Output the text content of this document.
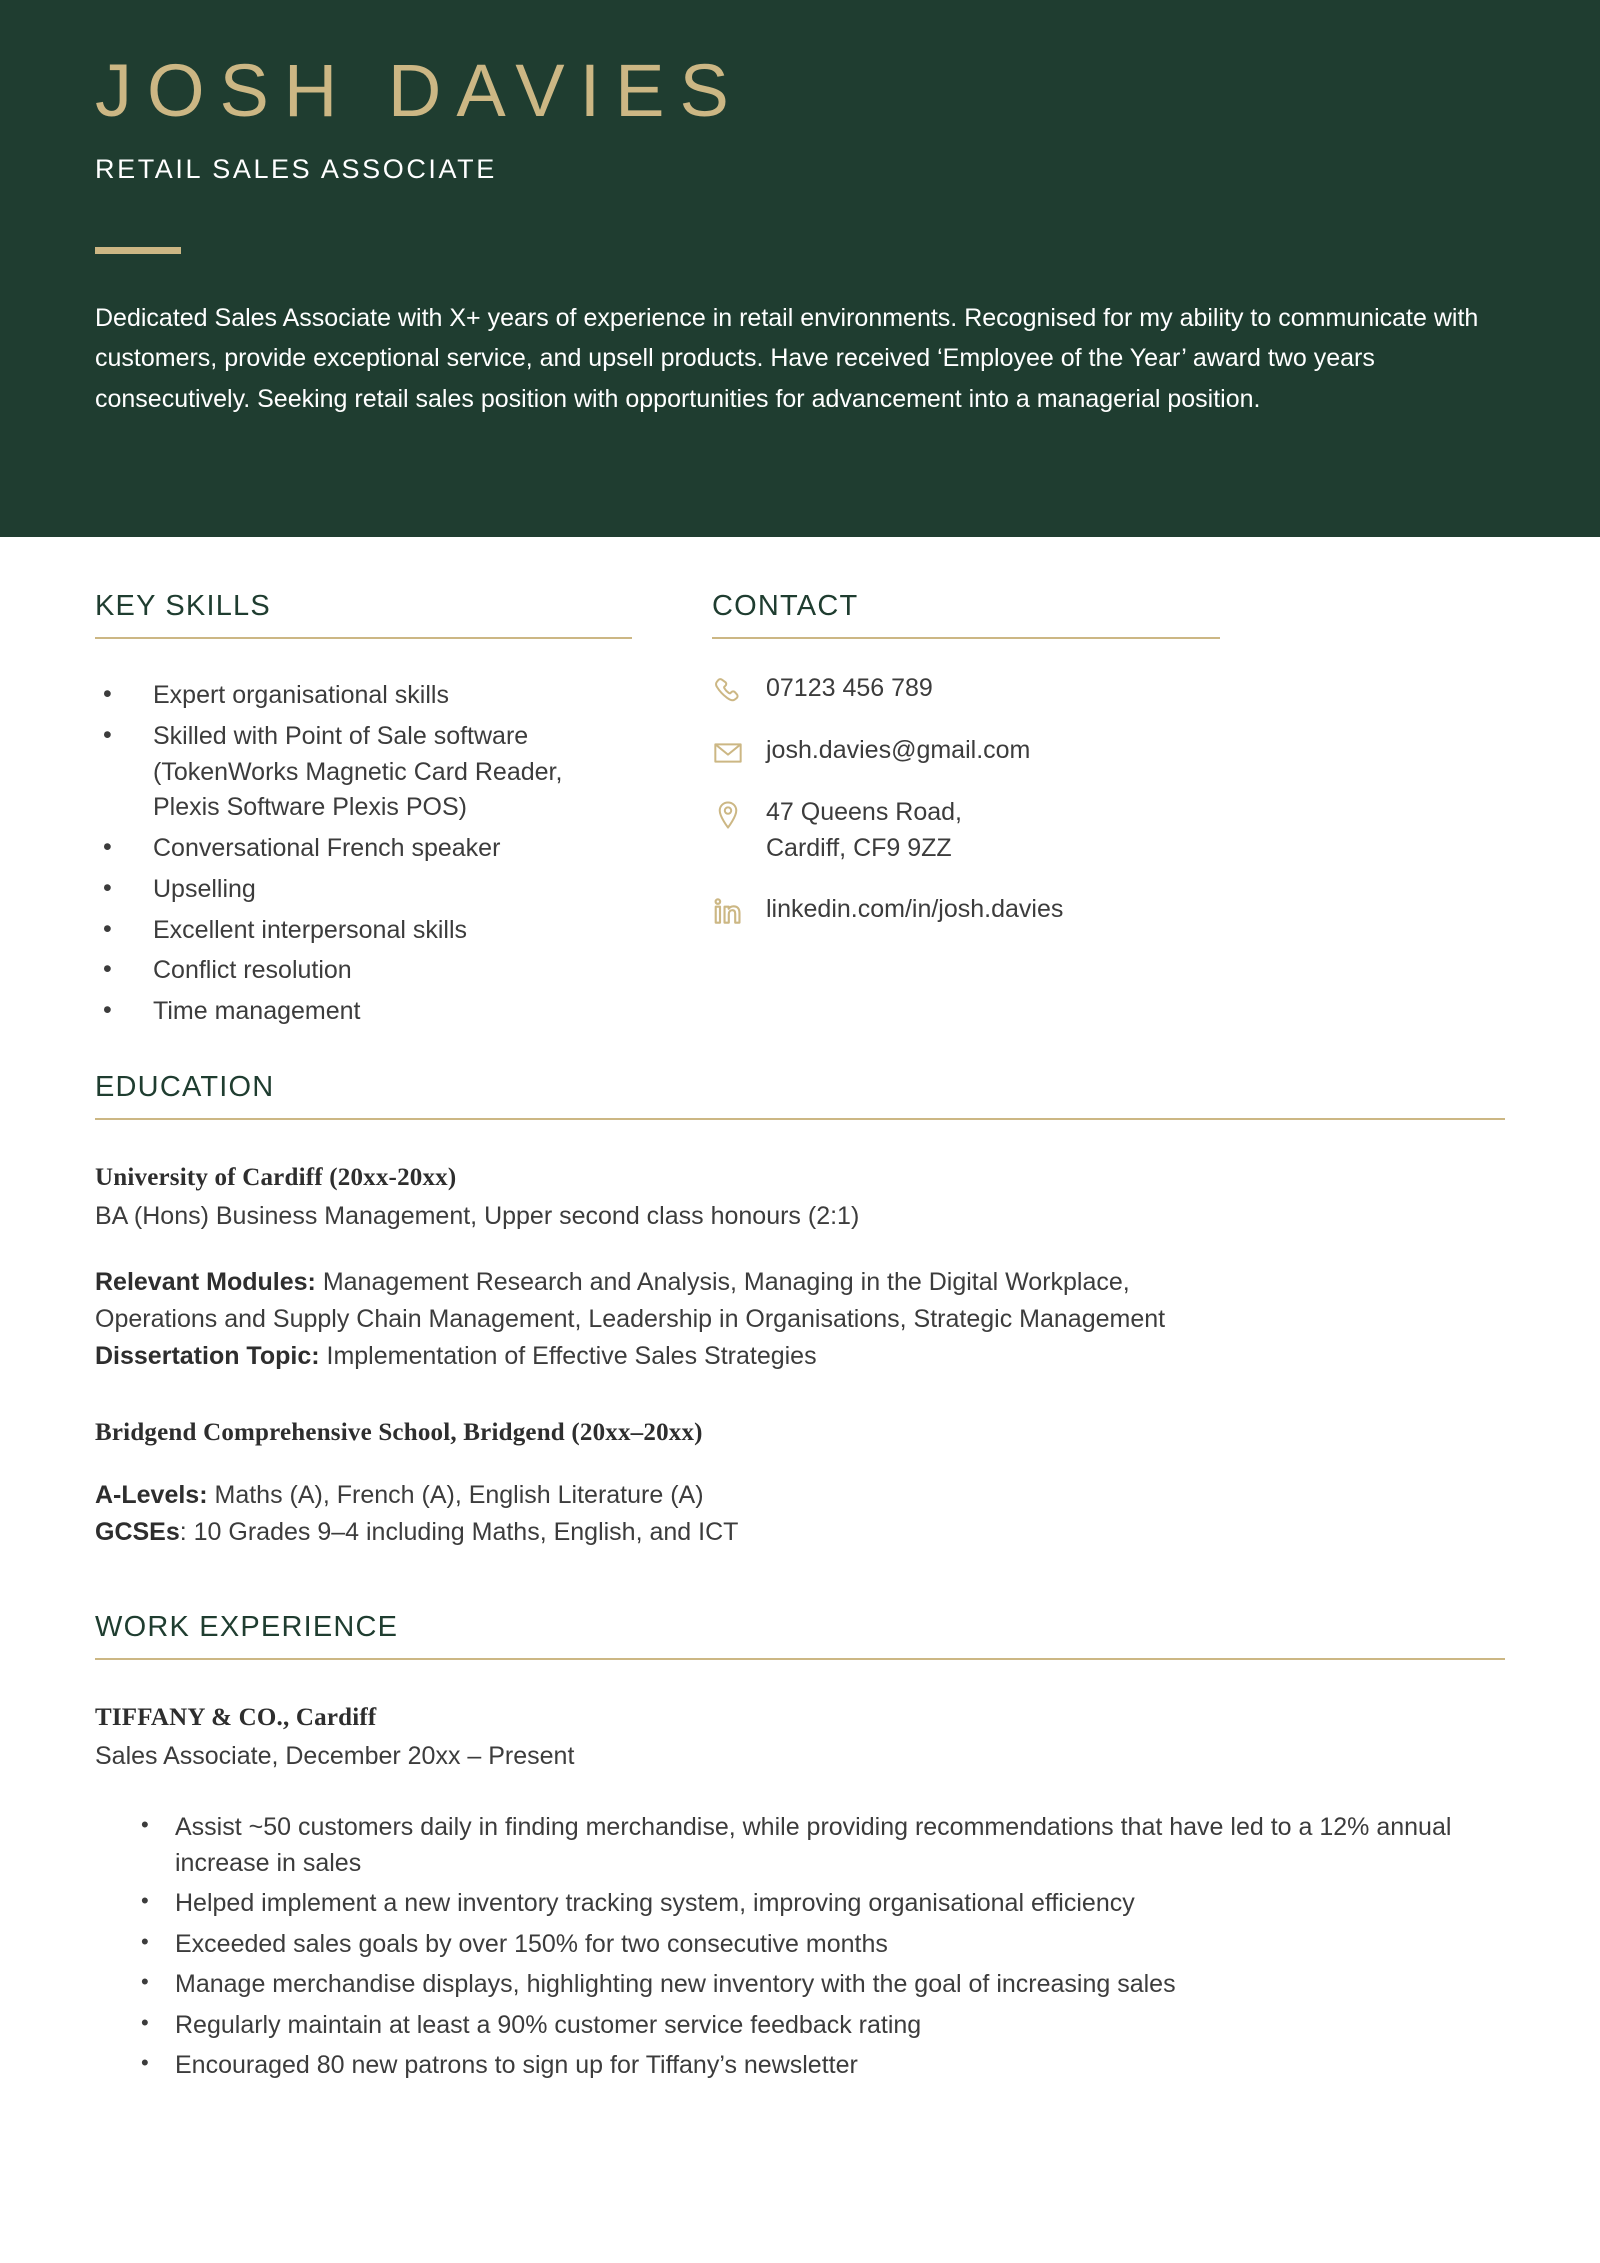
JOSH DAVIES
RETAIL SALES ASSOCIATE
Dedicated Sales Associate with X+ years of experience in retail environments. Recognised for my ability to communicate with customers, provide exceptional service, and upsell products. Have received ‘Employee of the Year’ award two years consecutively. Seeking retail sales position with opportunities for advancement into a managerial position.
KEY SKILLS
• Expert organisational skills
• Skilled with Point of Sale software (TokenWorks Magnetic Card Reader, Plexis Software Plexis POS)
• Conversational French speaker
• Upselling
• Excellent interpersonal skills
• Conflict resolution
• Time management
CONTACT
07123 456 789
josh.davies@gmail.com
47 Queens Road,
Cardiff, CF9 9ZZ
linkedin.com/in/josh.davies
EDUCATION
University of Cardiff (20xx-20xx)
BA (Hons) Business Management, Upper second class honours (2:1)
Relevant Modules: Management Research and Analysis, Managing in the Digital Workplace,
Operations and Supply Chain Management, Leadership in Organisations, Strategic Management
Dissertation Topic: Implementation of Effective Sales Strategies
Bridgend Comprehensive School, Bridgend (20xx–20xx)
A-Levels: Maths (A), French (A), English Literature (A)
GCSEs: 10 Grades 9–4 including Maths, English, and ICT
WORK EXPERIENCE
TIFFANY & CO., Cardiff
Sales Associate, December 20xx – Present
• Assist ~50 customers daily in finding merchandise, while providing recommendations that have led to a 12% annual increase in sales
• Helped implement a new inventory tracking system, improving organisational efficiency
• Exceeded sales goals by over 150% for two consecutive months
• Manage merchandise displays, highlighting new inventory with the goal of increasing sales
• Regularly maintain at least a 90% customer service feedback rating
• Encouraged 80 new patrons to sign up for Tiffany’s newsletter
